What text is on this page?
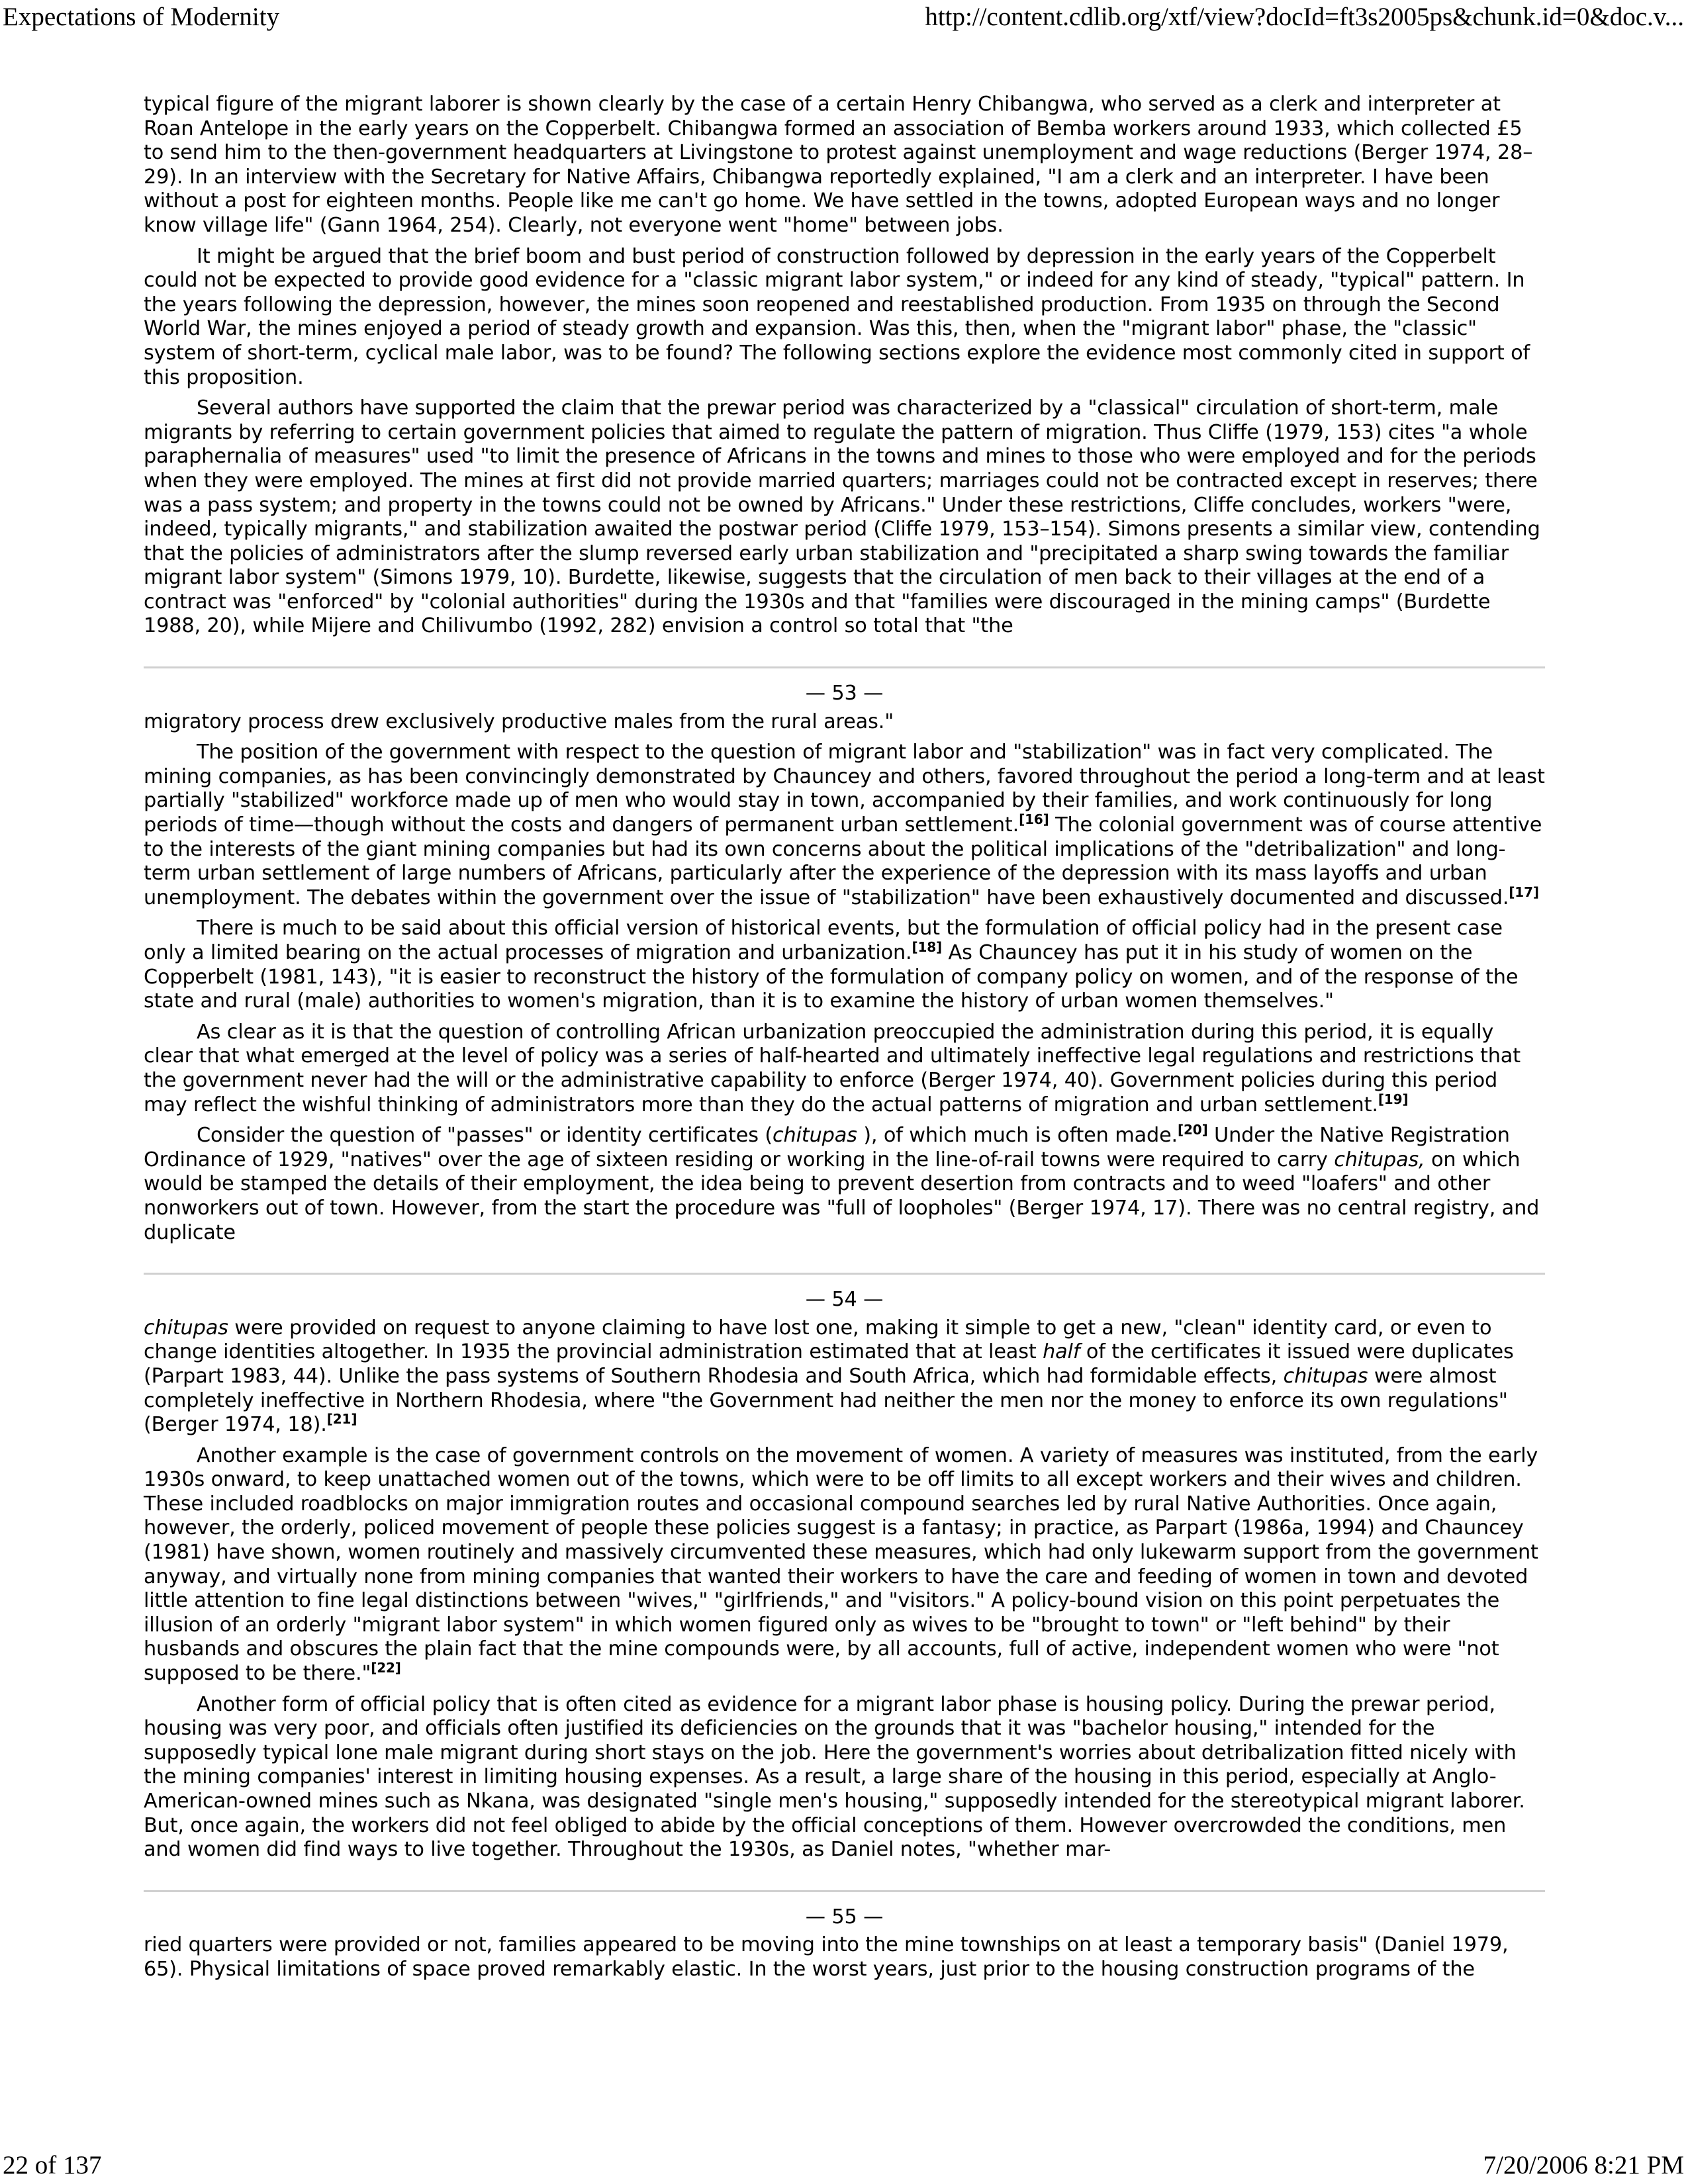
Expectations of Modernity	http://content.cdlib.org/xtf/view?docId=ft3s2005ps&chunk.id=0&doc.v...

typical figure of the migrant laborer is shown clearly by the case of a certain Henry Chibangwa, who served as a clerk and interpreter at Roan Antelope in the early years on the Copperbelt. Chibangwa formed an association of Bemba workers around 1933, which collected £5 to send him to the then-government headquarters at Livingstone to protest against unemployment and wage reductions (Berger 1974, 28–29). In an interview with the Secretary for Native Affairs, Chibangwa reportedly explained, "I am a clerk and an interpreter. I have been without a post for eighteen months. People like me can't go home. We have settled in the towns, adopted European ways and no longer know village life" (Gann 1964, 254). Clearly, not everyone went "home" between jobs.

It might be argued that the brief boom and bust period of construction followed by depression in the early years of the Copperbelt could not be expected to provide good evidence for a "classic migrant labor system," or indeed for any kind of steady, "typical" pattern. In the years following the depression, however, the mines soon reopened and reestablished production. From 1935 on through the Second World War, the mines enjoyed a period of steady growth and expansion. Was this, then, when the "migrant labor" phase, the "classic" system of short-term, cyclical male labor, was to be found? The following sections explore the evidence most commonly cited in support of this proposition.

Several authors have supported the claim that the prewar period was characterized by a "classical" circulation of short-term, male migrants by referring to certain government policies that aimed to regulate the pattern of migration. Thus Cliffe (1979, 153) cites "a whole paraphernalia of measures" used "to limit the presence of Africans in the towns and mines to those who were employed and for the periods when they were employed. The mines at first did not provide married quarters; marriages could not be contracted except in reserves; there was a pass system; and property in the towns could not be owned by Africans." Under these restrictions, Cliffe concludes, workers "were, indeed, typically migrants," and stabilization awaited the postwar period (Cliffe 1979, 153–154). Simons presents a similar view, contending that the policies of administrators after the slump reversed early urban stabilization and "precipitated a sharp swing towards the familiar migrant labor system" (Simons 1979, 10). Burdette, likewise, suggests that the circulation of men back to their villages at the end of a contract was "enforced" by "colonial authorities" during the 1930s and that "families were discouraged in the mining camps" (Burdette 1988, 20), while Mijere and Chilivumbo (1992, 282) envision a control so total that "the

— 53 —

migratory process drew exclusively productive males from the rural areas."

The position of the government with respect to the question of migrant labor and "stabilization" was in fact very complicated. The mining companies, as has been convincingly demonstrated by Chauncey and others, favored throughout the period a long-term and at least partially "stabilized" workforce made up of men who would stay in town, accompanied by their families, and work continuously for long periods of time—though without the costs and dangers of permanent urban settlement.[16] The colonial government was of course attentive to the interests of the giant mining companies but had its own concerns about the political implications of the "detribalization" and long-term urban settlement of large numbers of Africans, particularly after the experience of the depression with its mass layoffs and urban unemployment. The debates within the government over the issue of "stabilization" have been exhaustively documented and discussed.[17]

There is much to be said about this official version of historical events, but the formulation of official policy had in the present case only a limited bearing on the actual processes of migration and urbanization.[18] As Chauncey has put it in his study of women on the Copperbelt (1981, 143), "it is easier to reconstruct the history of the formulation of company policy on women, and of the response of the state and rural (male) authorities to women's migration, than it is to examine the history of urban women themselves."

As clear as it is that the question of controlling African urbanization preoccupied the administration during this period, it is equally clear that what emerged at the level of policy was a series of half-hearted and ultimately ineffective legal regulations and restrictions that the government never had the will or the administrative capability to enforce (Berger 1974, 40). Government policies during this period may reflect the wishful thinking of administrators more than they do the actual patterns of migration and urban settlement.[19]

Consider the question of "passes" or identity certificates (chitupas ), of which much is often made.[20] Under the Native Registration Ordinance of 1929, "natives" over the age of sixteen residing or working in the line-of-rail towns were required to carry chitupas, on which would be stamped the details of their employment, the idea being to prevent desertion from contracts and to weed "loafers" and other nonworkers out of town. However, from the start the procedure was "full of loopholes" (Berger 1974, 17). There was no central registry, and duplicate

— 54 —

chitupas were provided on request to anyone claiming to have lost one, making it simple to get a new, "clean" identity card, or even to change identities altogether. In 1935 the provincial administration estimated that at least half of the certificates it issued were duplicates (Parpart 1983, 44). Unlike the pass systems of Southern Rhodesia and South Africa, which had formidable effects, chitupas were almost completely ineffective in Northern Rhodesia, where "the Government had neither the men nor the money to enforce its own regulations" (Berger 1974, 18).[21]

Another example is the case of government controls on the movement of women. A variety of measures was instituted, from the early 1930s onward, to keep unattached women out of the towns, which were to be off limits to all except workers and their wives and children. These included roadblocks on major immigration routes and occasional compound searches led by rural Native Authorities. Once again, however, the orderly, policed movement of people these policies suggest is a fantasy; in practice, as Parpart (1986a, 1994) and Chauncey (1981) have shown, women routinely and massively circumvented these measures, which had only lukewarm support from the government anyway, and virtually none from mining companies that wanted their workers to have the care and feeding of women in town and devoted little attention to fine legal distinctions between "wives," "girlfriends," and "visitors." A policy-bound vision on this point perpetuates the illusion of an orderly "migrant labor system" in which women figured only as wives to be "brought to town" or "left behind" by their husbands and obscures the plain fact that the mine compounds were, by all accounts, full of active, independent women who were "not supposed to be there."[22]

Another form of official policy that is often cited as evidence for a migrant labor phase is housing policy. During the prewar period, housing was very poor, and officials often justified its deficiencies on the grounds that it was "bachelor housing," intended for the supposedly typical lone male migrant during short stays on the job. Here the government's worries about detribalization fitted nicely with the mining companies' interest in limiting housing expenses. As a result, a large share of the housing in this period, especially at Anglo-American-owned mines such as Nkana, was designated "single men's housing," supposedly intended for the stereotypical migrant laborer. But, once again, the workers did not feel obliged to abide by the official conceptions of them. However overcrowded the conditions, men and women did find ways to live together. Throughout the 1930s, as Daniel notes, "whether mar-

— 55 —

ried quarters were provided or not, families appeared to be moving into the mine townships on at least a temporary basis" (Daniel 1979, 65). Physical limitations of space proved remarkably elastic. In the worst years, just prior to the housing construction programs of the

22 of 137	7/20/2006 8:21 PM
